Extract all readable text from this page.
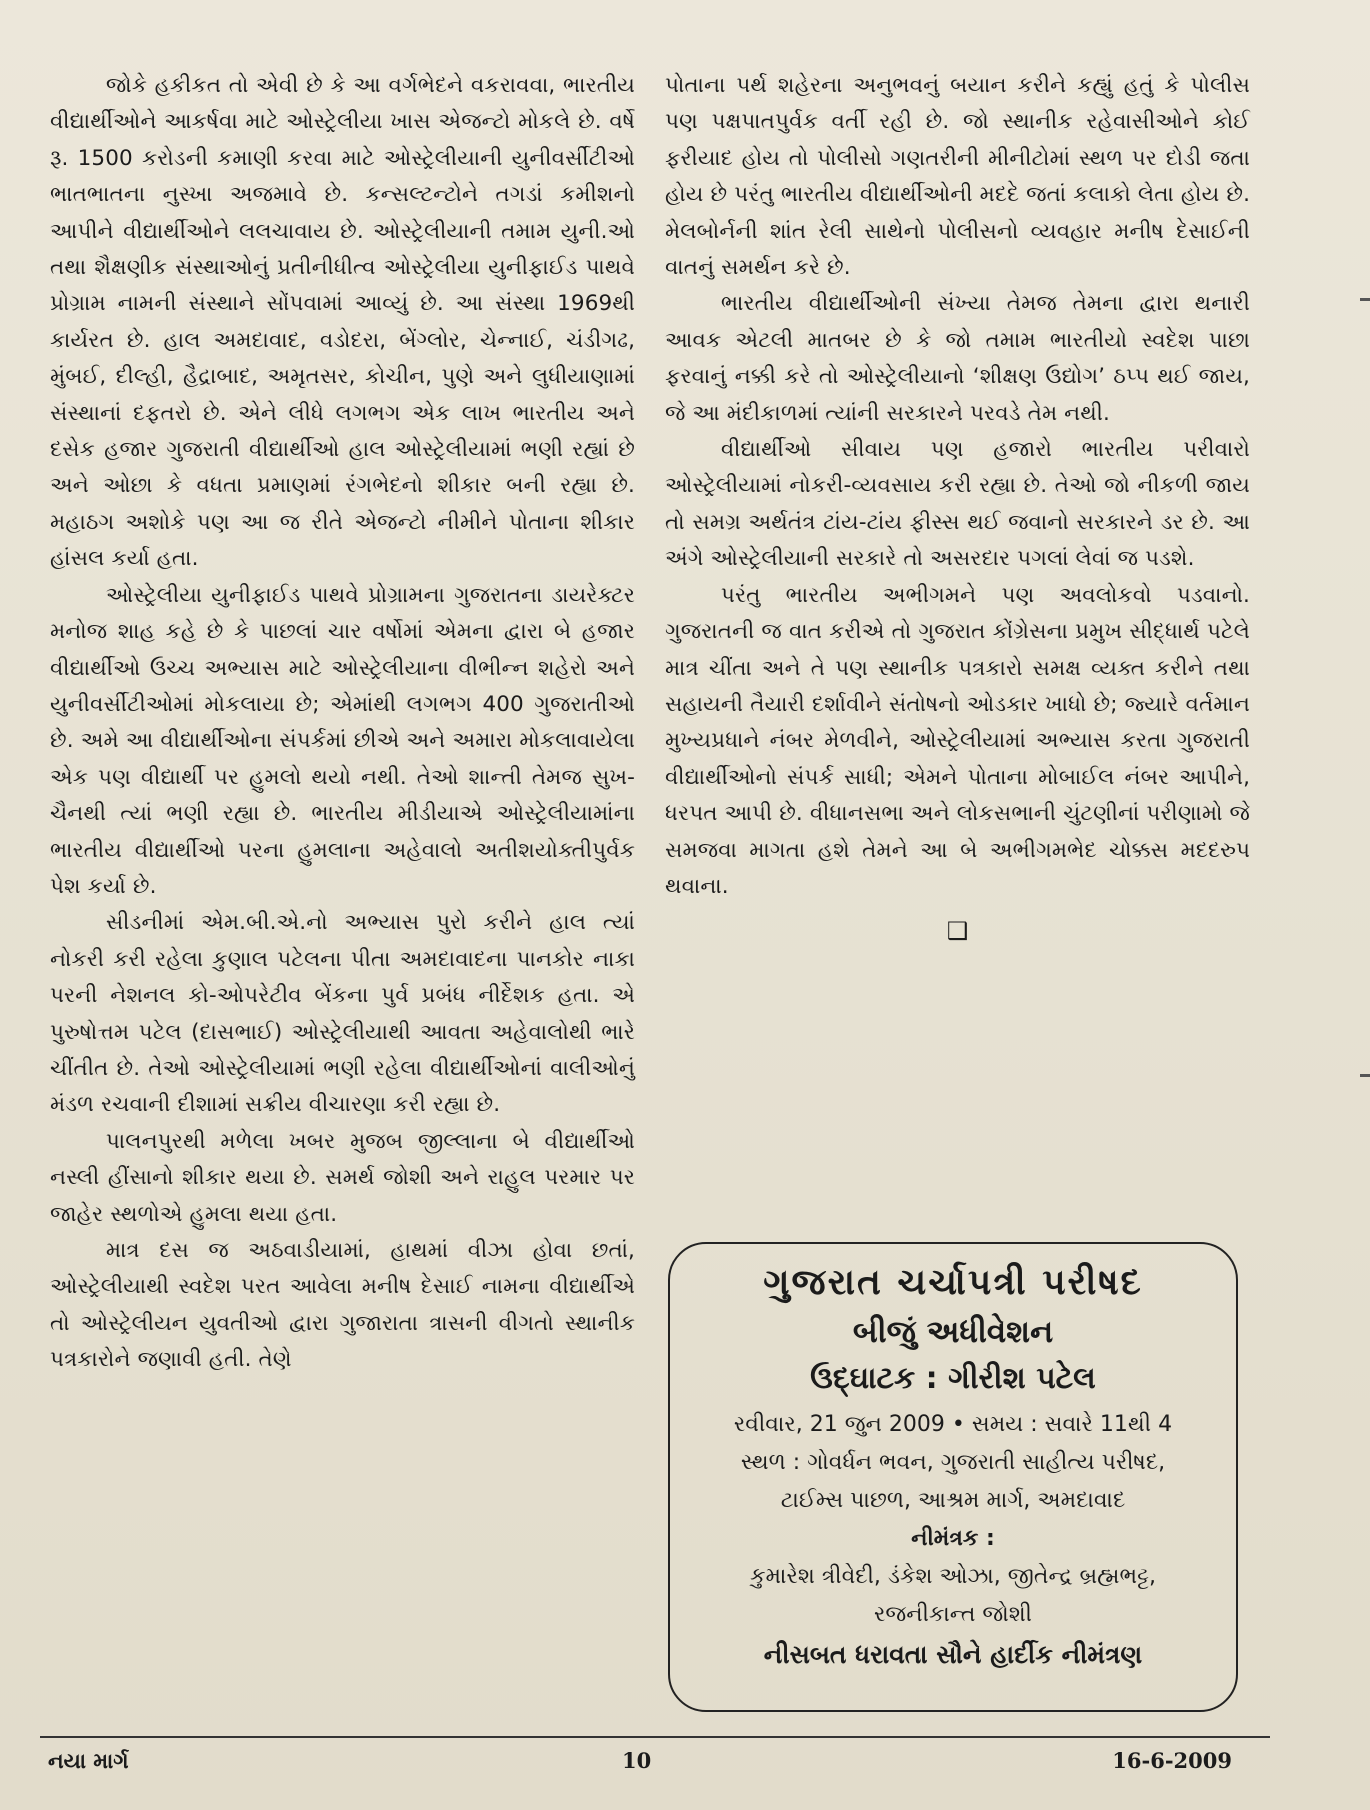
જોકે હકીકત તો એવી છે કે આ વર્ગભેદને વકરાવવા, ભારતીય વીદ્યાર્થીઓને આકર્ષવા માટે ઓસ્ટ્રેલીયા ખાસ એજન્ટો મોકલે છે. વર્ષે રૂ. 1500 કરોડની કમાણી કરવા માટે ઓસ્ટ્રેલીયાની યુનીવર્સીટીઓ ભાતભાતના નુસ્ખા અજમાવે છે. કન્સલ્ટન્ટોને તગડાં કમીશનો આપીને વીદ્યાર્થીઓને લલચાવાય છે. ઓસ્ટ્રેલીયાની તમામ યુની.ઓ તથા શૈક્ષણીક સંસ્થાઓનું પ્રતીનીધીત્વ ઓસ્ટ્રેલીયા યુનીફાઈડ પાથવે પ્રોગ્રામ નામની સંસ્થાને સોંપવામાં આવ્યું છે. આ સંસ્થા 1969થી કાર્યરત છે. હાલ અમદાવાદ, વડોદરા, બેંગ્લોર, ચેન્નાઈ, ચંડીગઢ, મુંબઈ, દીલ્હી, હૈદ્રાબાદ, અમૃતસર, કોચીન, પુણે અને લુધીયાણામાં સંસ્થાનાં દફતરો છે. એને લીધે લગભગ એક લાખ ભારતીય અને દસેક હજાર ગુજરાતી વીદ્યાર્થીઓ હાલ ઓસ્ટ્રેલીયામાં ભણી રહ્યાં છે અને ઓછા કે વધતા પ્રમાણમાં રંગભેદનો શીકાર બની રહ્યા છે. મહાઠગ અશોકે પણ આ જ રીતે એજન્ટો નીમીને પોતાના શીકાર હાંસલ કર્યા હતા.

ઓસ્ટ્રેલીયા યુનીફાઈડ પાથવે પ્રોગ્રામના ગુજરાતના ડાયરેક્ટર મનોજ શાહ કહે છે કે પાછલાં ચાર વર્ષોમાં એમના દ્વારા બે હજાર વીદ્યાર્થીઓ ઉચ્ચ અભ્યાસ માટે ઓસ્ટ્રેલીયાના વીભીન્ન શહેરો અને યુનીવર્સીટીઓમાં મોકલાયા છે; એમાંથી લગભગ 400 ગુજરાતીઓ છે. અમે આ વીદ્યાર્થીઓના સંપર્કમાં છીએ અને અમારા મોકલાવાયેલા એક પણ વીદ્યાર્થી પર હુમલો થયો નથી. તેઓ શાન્તી તેમજ સુખ-ચૈનથી ત્યાં ભણી રહ્યા છે. ભારતીય મીડીયાએ ઓસ્ટ્રેલીયામાંના ભારતીય વીદ્યાર્થીઓ પરના હુમલાના અહેવાલો અતીશયોક્તીપુર્વક પેશ કર્યા છે.

સીડનીમાં એમ.બી.એ.નો અભ્યાસ પુરો કરીને હાલ ત્યાં નોકરી કરી રહેલા કુણાલ પટેલના પીતા અમદાવાદના પાનકોર નાકા પરની નેશનલ કો-ઓપરેટીવ બેંકના પુર્વ પ્રબંધ નીર્દેશક હતા. એ પુરુષોત્તમ પટેલ (દાસભાઈ) ઓસ્ટ્રેલીયાથી આવતા અહેવાલોથી ભારે ચીંતીત છે. તેઓ ઓસ્ટ્રેલીયામાં ભણી રહેલા વીદ્યાર્થીઓનાં વાલીઓનું મંડળ રચવાની દીશામાં સક્રીય વીચારણા કરી રહ્યા છે.

પાલનપુરથી મળેલા ખબર મુજબ જીલ્લાના બે વીદ્યાર્થીઓ નસ્લી હીંસાનો શીકાર થયા છે. સમર્થ જોશી અને રાહુલ પરમાર પર જાહેર સ્થળોએ હુમલા થયા હતા.

માત્ર દસ જ અઠવાડીયામાં, હાથમાં વીઝા હોવા છતાં, ઓસ્ટ્રેલીયાથી સ્વદેશ પરત આવેલા મનીષ દેસાઈ નામના વીદ્યાર્થીએ તો ઓસ્ટ્રેલીયન યુવતીઓ દ્વારા ગુજારાતા ત્રાસની વીગતો સ્થાનીક પત્રકારોને જણાવી હતી. તેણે

પોતાના પર્થ શહેરના અનુભવનું બયાન કરીને કહ્યું હતું કે પોલીસ પણ પક્ષપાતપુર્વક વર્તી રહી છે. જો સ્થાનીક રહેવાસીઓને કોઈ ફરીયાદ હોય તો પોલીસો ગણતરીની મીનીટોમાં સ્થળ પર દોડી જતા હોય છે પરંતુ ભારતીય વીદ્યાર્થીઓની મદદે જતાં કલાકો લેતા હોય છે. મેલબોર્નની શાંત રેલી સાથેનો પોલીસનો વ્યવહાર મનીષ દેસાઈની વાતનું સમર્થન કરે છે.

ભારતીય વીદ્યાર્થીઓની સંખ્યા તેમજ તેમના દ્વારા થનારી આવક એટલી માતબર છે કે જો તમામ ભારતીયો સ્વદેશ પાછા ફરવાનું નક્કી કરે તો ઓસ્ટ્રેલીયાનો ‘શીક્ષણ ઉદ્યોગ’ ઠપ્પ થઈ જાય, જે આ મંદીકાળમાં ત્યાંની સરકારને પરવડે તેમ નથી.

વીદ્યાર્થીઓ સીવાય પણ હજારો ભારતીય પરીવારો ઓસ્ટ્રેલીયામાં નોકરી-વ્યવસાય કરી રહ્યા છે. તેઓ જો નીકળી જાય તો સમગ્ર અર્થતંત્ર ટાંય-ટાંય ફીસ્સ થઈ જવાનો સરકારને ડર છે. આ અંગે ઓસ્ટ્રેલીયાની સરકારે તો અસરદાર પગલાં લેવાં જ પડશે.

પરંતુ ભારતીય અભીગમને પણ અવલોકવો પડવાનો. ગુજરાતની જ વાત કરીએ તો ગુજરાત કોંગ્રેસના પ્રમુખ સીદ્ધાર્થ પટેલે માત્ર ચીંતા અને તે પણ સ્થાનીક પત્રકારો સમક્ષ વ્યક્ત કરીને તથા સહાયની તૈયારી દર્શાવીને સંતોષનો ઓડકાર ખાધો છે; જ્યારે વર્તમાન મુખ્યપ્રધાને નંબર મેળવીને, ઓસ્ટ્રેલીયામાં અભ્યાસ કરતા ગુજરાતી વીદ્યાર્થીઓનો સંપર્ક સાધી; એમને પોતાના મોબાઈલ નંબર આપીને, ધરપત આપી છે. વીધાનસભા અને લોકસભાની ચુંટણીનાં પરીણામો જે સમજવા માગતા હશે તેમને આ બે અભીગમભેદ ચોક્કસ મદદરુપ થવાના.

❑

ગુજરાત ચર્ચાપત્રી પરીષદ

બીજું અધીવેશન

ઉદ્‌ઘાટક : ગીરીશ પટેલ

રવીવાર, 21 જુન 2009 • સમય : સવારે 11થી 4

સ્થળ : ગોવર્ધન ભવન, ગુજરાતી સાહીત્ય પરીષદ,

ટાઈમ્સ પાછળ, આશ્રમ માર્ગ, અમદાવાદ

નીમંત્રક :

કુમારેશ ત્રીવેદી, ડંકેશ ઓઝા, જીતેન્દ્ર બ્રહ્મભટ્ટ,

રજનીકાન્ત જોશી

નીસબત ધરાવતા સૌને હાર્દીક નીમંત્રણ
નયા માર્ગ	10	16-6-2009
